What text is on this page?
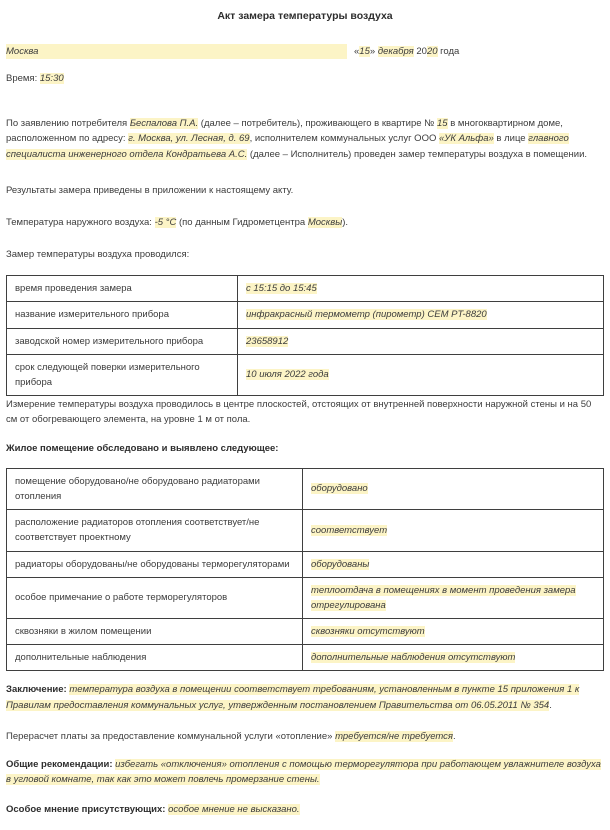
Акт замера температуры воздуха

Москва	«15» декабря 2020 года

Время: 15:30

По заявлению потребителя Беспалова П.А. (далее – потребитель), проживающего в квартире № 15 в многоквартирном доме, расположенном по адресу: г. Москва, ул. Лесная, д. 69, исполнителем коммунальных услуг ООО «УК Альфа» в лице главного специалиста инженерного отдела Кондратьева А.С. (далее – Исполнитель) проведен замер температуры воздуха в помещении.

Результаты замера приведены в приложении к настоящему акту.

Температура наружного воздуха: -5 °C (по данным Гидрометцентра Москвы).

Замер температуры воздуха проводился:

время проведения замера	с 15:15 до 15:45
название измерительного прибора	инфракрасный термометр (пирометр) CEM PT-8820
заводской номер измерительного прибора	23658912
срок следующей поверки измерительного прибора	10 июля 2022 года

Измерение температуры воздуха проводилось в центре плоскостей, отстоящих от внутренней поверхности наружной стены и на 50 см от обогревающего элемента, на уровне 1 м от пола.

Жилое помещение обследовано и выявлено следующее:

помещение оборудовано/не оборудовано радиаторами отопления	оборудовано
расположение радиаторов отопления соответствует/не соответствует проектному	соответствует
радиаторы оборудованы/не оборудованы терморегуляторами	оборудованы
особое примечание о работе терморегуляторов	теплоотдача в помещениях в момент проведения замера отрегулирована
сквозняки в жилом помещении	сквозняки отсутствуют
дополнительные наблюдения	дополнительные наблюдения отсутствуют

Заключение: температура воздуха в помещении соответствует требованиям, установленным в пункте 15 приложения 1 к Правилам предоставления коммунальных услуг, утвержденным постановлением Правительства от 06.05.2011 № 354.

Перерасчет платы за предоставление коммунальной услуги «отопление» требуется/не требуется.

Общие рекомендации: избегать «отключения» отопления с помощью терморегулятора при работающем увлажнителе воздуха в угловой комнате, так как это может повлечь промерзание стены.

Особое мнение присутствующих: особое мнение не высказано.
